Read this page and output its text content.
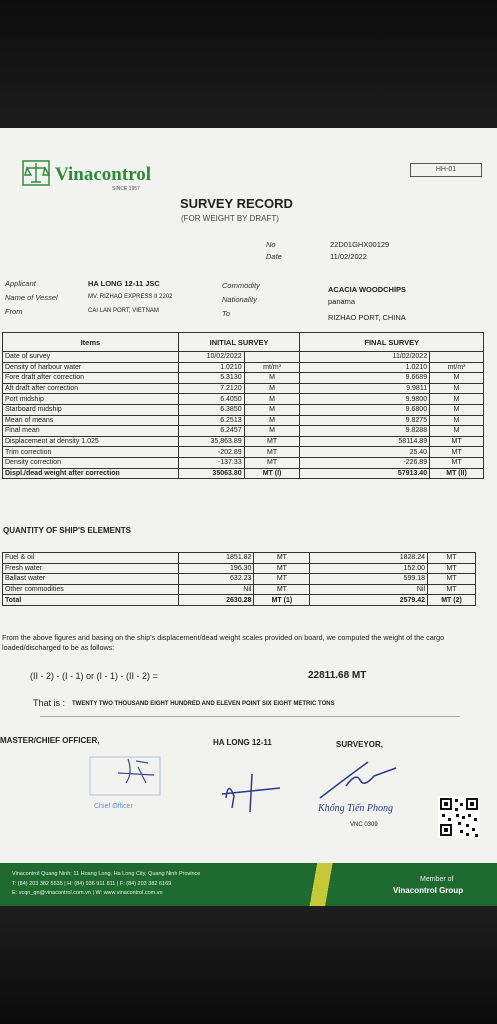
HH-01
Vinacontrol
SINCE 1957
SURVEY RECORD
(FOR WEIGHT BY DRAFT)
No	22D01GHX00129
Date	11/02/2022
Applicant	HA LONG 12-11 JSC
Name of Vessel	MV. RIZHAO EXPRESS II 2202
From	CAI LAN PORT, VIETNAM
Commodity	ACACIA WOODCHIPS
Nationality	panama
To	RIZHAO PORT, CHINA
Items	INITIAL SURVEY		FINAL SURVEY	
Date of survey	10/02/2022		11/02/2022	
Density of harbour water	1.0210	mt/m³	1.0210	mt/m³
Fore draft after correction	5.3130	M	9.6689	M
Aft draft after correction	7.2120	M	9.9811	M
Port midship	6.4050	M	9.9800	M
Starboard midship	6.3850	M	9.6800	M
Mean of means	6.2513	M	9.8275	M
Final mean	6.2457	M	9.8288	M
Displacement at density 1.025	35,863.89	MT	58114.89	MT
Trim correction	-202.89	MT	25.40	MT
Density correction	-137.33	MT	-226.89	MT
Displ./dead weight after correction	35063.80	MT (I)	57913.40	MT (II)
QUANTITY OF SHIP'S ELEMENTS
Fuel & oil	1851.82	MT	1828.24	MT
Fresh water	196.30	MT	152.00	MT
Ballast water	632.23	MT	599.18	MT
Other commodities	Nil	MT	Nil	MT
Total	2630.28	MT (1)	2579.42	MT (2)
From the above figures and basing on the ship's displacement/dead weight scales provided on board, we computed the weight of the cargo loaded/discharged to be as follows:
(II - 2) - (I - 1) or (I - 1) - (II - 2) =	22811.68 MT
That is : TWENTY TWO THOUSAND EIGHT HUNDRED AND ELEVEN POINT SIX EIGHT METRIC TONS
MASTER/CHIEF OFFICER,	HA LONG 12-11	SURVEYOR,
Chief Officer	Khổng Tiến Phong
VNC 0309
Vinacontrol Quang Ninh: 11 Hoang Long, Ha Long City, Quang Ninh Province
T: (84) 203 382 5535 | H: (84) 936 911 811 | F: (84) 203 382 6169
E: vcqn_qn@vinacontrol.com.vn | W: www.vinacontrol.com.vn
Member of
Vinacontrol Group
